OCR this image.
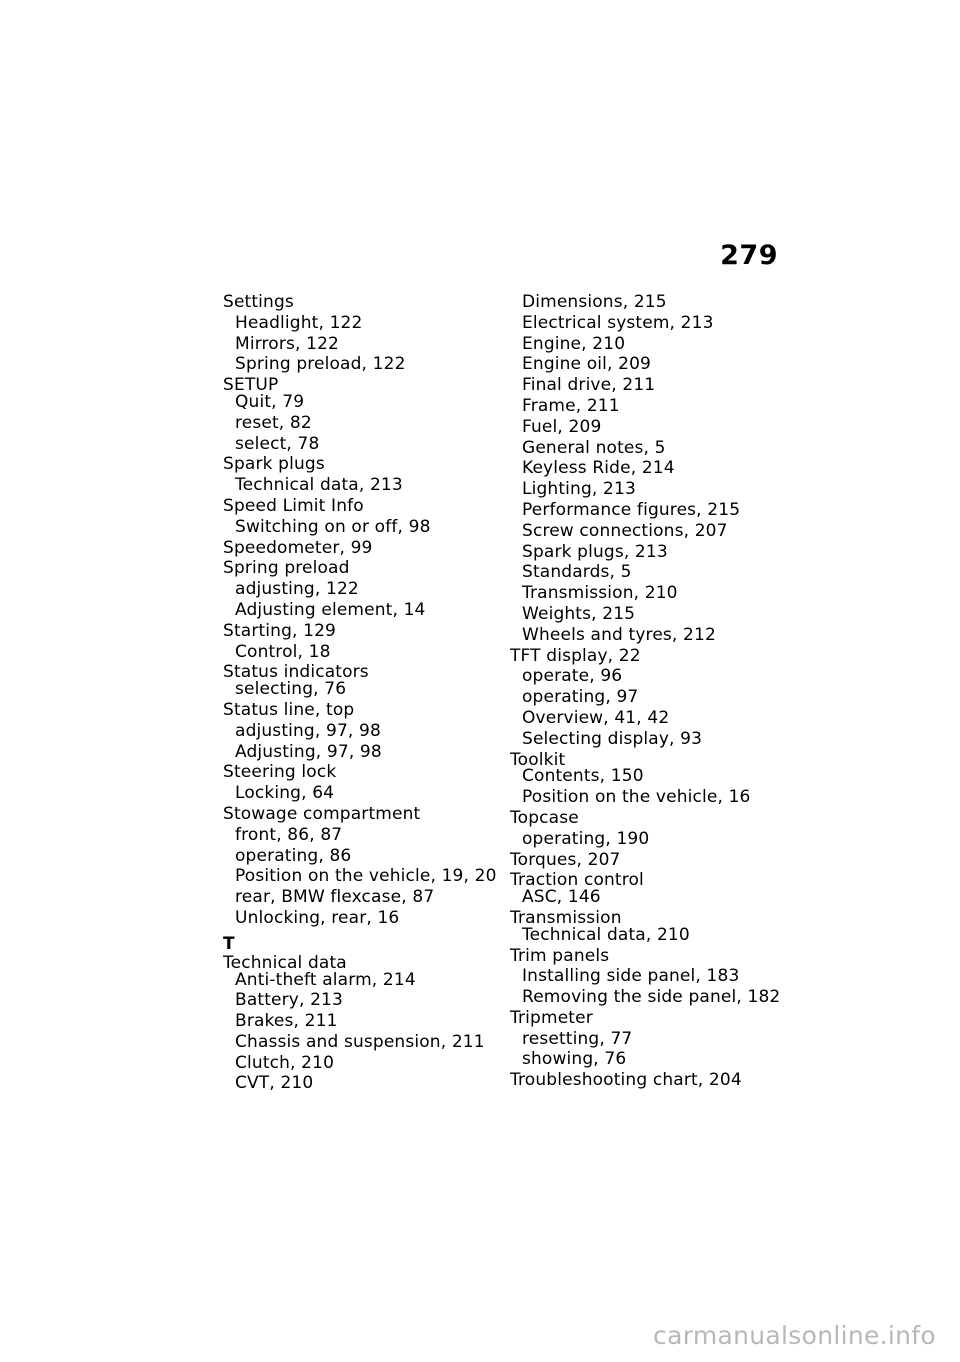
279
Settings
Headlight, 122
Mirrors, 122
Spring preload, 122
SETUP
Quit, 79
reset, 82
select, 78
Spark plugs
Technical data, 213
Speed Limit Info
Switching on or off, 98
Speedometer, 99
Spring preload
adjusting, 122
Adjusting element, 14
Starting, 129
Control, 18
Status indicators
selecting, 76
Status line, top
adjusting, 97, 98
Adjusting, 97, 98
Steering lock
Locking, 64
Stowage compartment
front, 86, 87
operating, 86
Position on the vehicle, 19, 20
rear, BMW flexcase, 87
Unlocking, rear, 16
T
Technical data
Anti-theft alarm, 214
Battery, 213
Brakes, 211
Chassis and suspension, 211
Clutch, 210
CVT, 210
Dimensions, 215
Electrical system, 213
Engine, 210
Engine oil, 209
Final drive, 211
Frame, 211
Fuel, 209
General notes, 5
Keyless Ride, 214
Lighting, 213
Performance figures, 215
Screw connections, 207
Spark plugs, 213
Standards, 5
Transmission, 210
Weights, 215
Wheels and tyres, 212
TFT display, 22
operate, 96
operating, 97
Overview, 41, 42
Selecting display, 93
Toolkit
Contents, 150
Position on the vehicle, 16
Topcase
operating, 190
Torques, 207
Traction control
ASC, 146
Transmission
Technical data, 210
Trim panels
Installing side panel, 183
Removing the side panel, 182
Tripmeter
resetting, 77
showing, 76
Troubleshooting chart, 204
carmanualsonline.info
